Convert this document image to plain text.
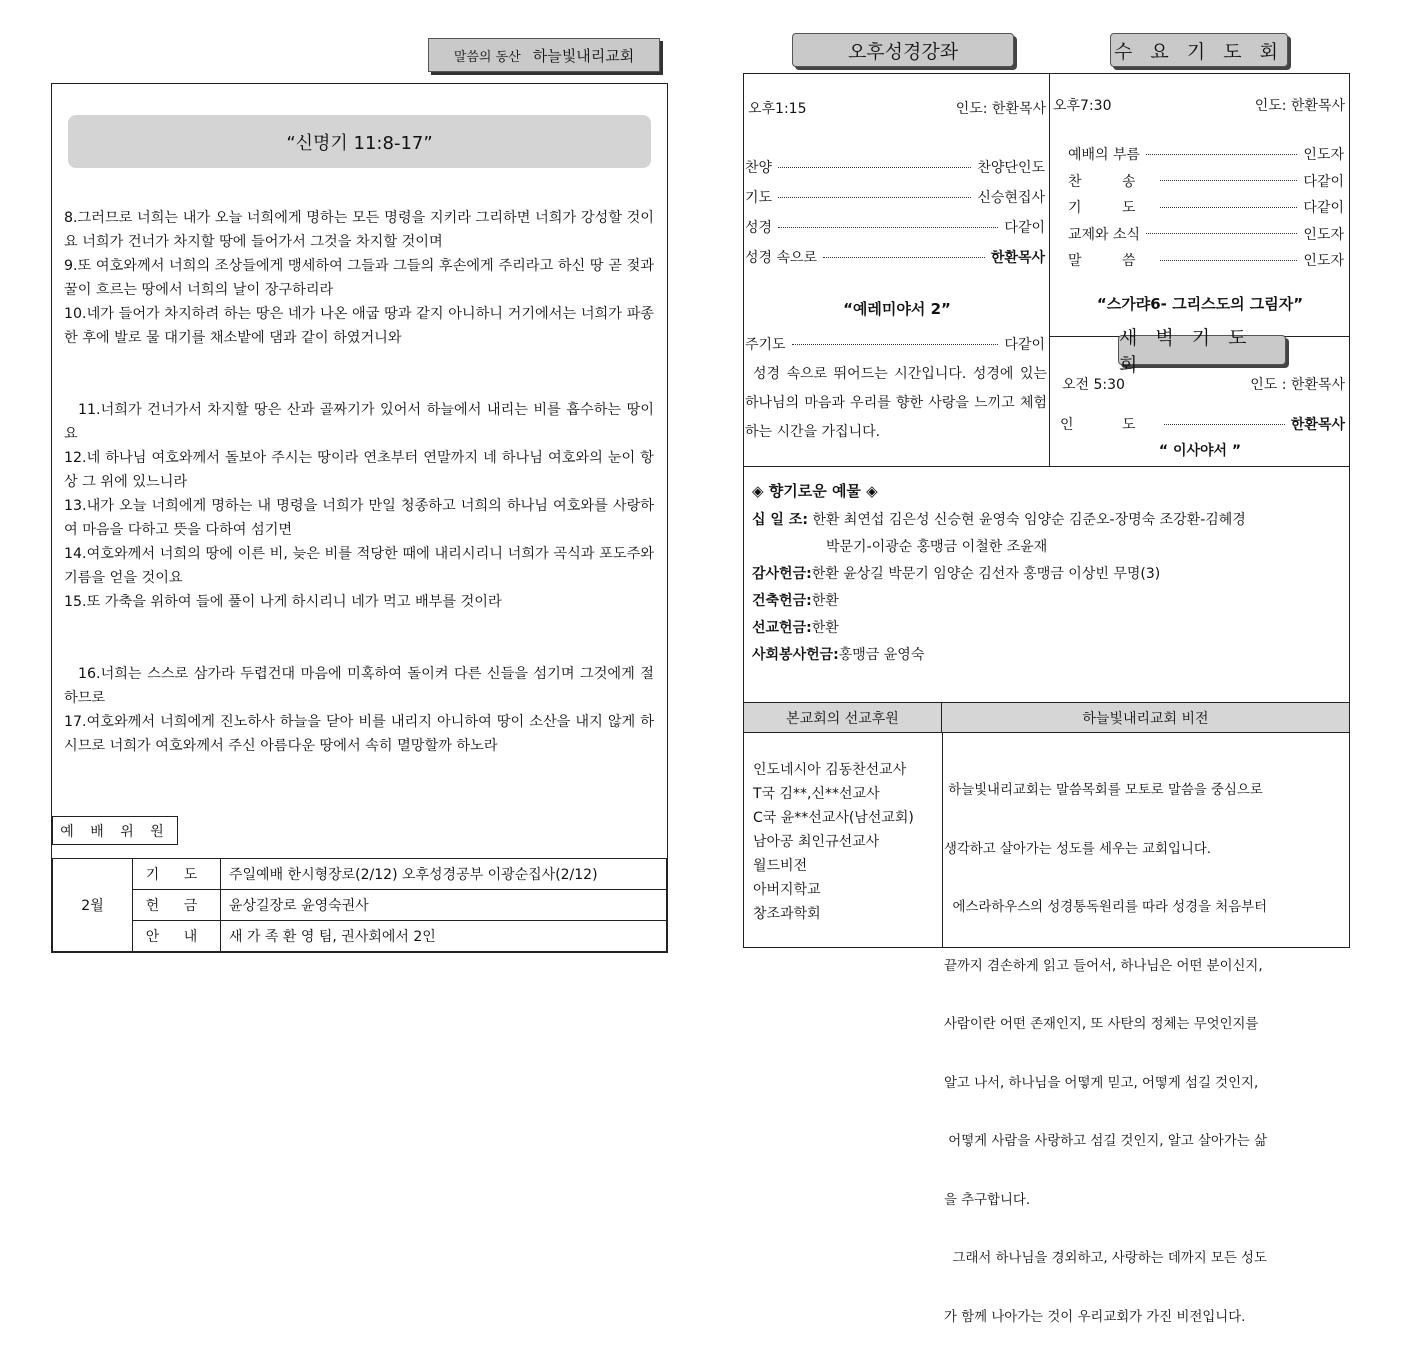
말씀의 동산 하늘빛내리교회
“신명기 11:8-17”

8.그러므로 너희는 내가 오늘 너희에게 명하는 모든 명령을 지키라 그리하면 너희가 강성할 것이요 너희가 건너가 차지할 땅에 들어가서 그것을 차지할 것이며

9.또 여호와께서 너희의 조상들에게 맹세하여 그들과 그들의 후손에게 주리라고 하신 땅 곧 젖과 꿀이 흐르는 땅에서 너희의 날이 장구하리라

10.네가 들어가 차지하려 하는 땅은 네가 나온 애굽 땅과 같지 아니하니 거기에서는 너희가 파종한 후에 발로 물 대기를 채소밭에 댐과 같이 하였거니와

11.너희가 건너가서 차지할 땅은 산과 골짜기가 있어서 하늘에서 내리는 비를 흡수하는 땅이요

12.네 하나님 여호와께서 돌보아 주시는 땅이라 연초부터 연말까지 네 하나님 여호와의 눈이 항상 그 위에 있느니라

13.내가 오늘 너희에게 명하는 내 명령을 너희가 만일 청종하고 너희의 하나님 여호와를 사랑하여 마음을 다하고 뜻을 다하여 섬기면

14.여호와께서 너희의 땅에 이른 비, 늦은 비를 적당한 때에 내리시리니 너희가 곡식과 포도주와 기름을 얻을 것이요

15.또 가축을 위하여 들에 풀이 나게 하시리니 네가 먹고 배부를 것이라

16.너희는 스스로 삼가라 두렵건대 마음에 미혹하여 돌이켜 다른 신들을 섬기며 그것에게 절하므로

17.여호와께서 너희에게 진노하사 하늘을 닫아 비를 내리지 아니하여 땅이 소산을 내지 않게 하시므로 너희가 여호와께서 주신 아름다운 땅에서 속히 멸망할까 하노라

예 배 위 원
2월	기 도	주일예배 한시형장로(2/12) 오후성경공부 이광순집사(2/12)
	헌 금	윤상길장로 윤영숙권사
	안 내	새 가 족 환 영 팀, 권사회에서 2인
오후성경강좌	수 요 기 도 회
오후1:15	인도: 한환목사
찬양	찬양단인도
기도	신승현집사
성경	다같이
성경 속으로	한환목사
“예레미야서 2”
주기도	다같이
성경 속으로 뛰어드는 시간입니다. 성경에 있는 하나님의 마음과 우리를 향한 사랑을 느끼고 체험하는 시간을 가집니다.
오후7:30	인도: 한환목사
예배의 부름	인도자
찬 송	다같이
기 도	다같이
교제와 소식	인도자
말 씀	인도자
“스가랴6- 그리스도의 그림자”
새 벽 기 도 회
오전 5:30	인도 : 한환목사
인 도	한환목사
“ 이사야서 ”
◈ 향기로운 예물 ◈
십 일 조: 한환 최연섭 김은성 신승현 윤영숙 임양순 김준오-장명숙 조강환-김혜경
박문기-이광순 홍맹금 이철한 조윤재
감사헌금:한환 윤상길 박문기 임양순 김선자 홍맹금 이상빈 무명(3)
건축헌금:한환
선교헌금:한환
사회봉사헌금:홍맹금 윤영숙
본교회의 선교후원	하늘빛내리교회 비전
인도네시아 김동찬선교사
T국 김**,신**선교사
C국 윤**선교사(남선교회)
남아공 최인규선교사
월드비전
아버지학교
창조과학회

하늘빛내리교회는 말씀목회를 모토로 말씀을 중심으로

생각하고 살아가는 성도를 세우는 교회입니다.

에스라하우스의 성경통독원리를 따라 성경을 처음부터

끝까지 겸손하게 읽고 들어서, 하나님은 어떤 분이신지,

사람이란 어떤 존재인지, 또 사탄의 정체는 무엇인지를

알고 나서, 하나님을 어떻게 믿고, 어떻게 섬길 것인지,

어떻게 사람을 사랑하고 섬길 것인지, 알고 살아가는 삶

을 추구합니다.

그래서 하나님을 경외하고, 사랑하는 데까지 모든 성도

가 함께 나아가는 것이 우리교회가 가진 비전입니다.
